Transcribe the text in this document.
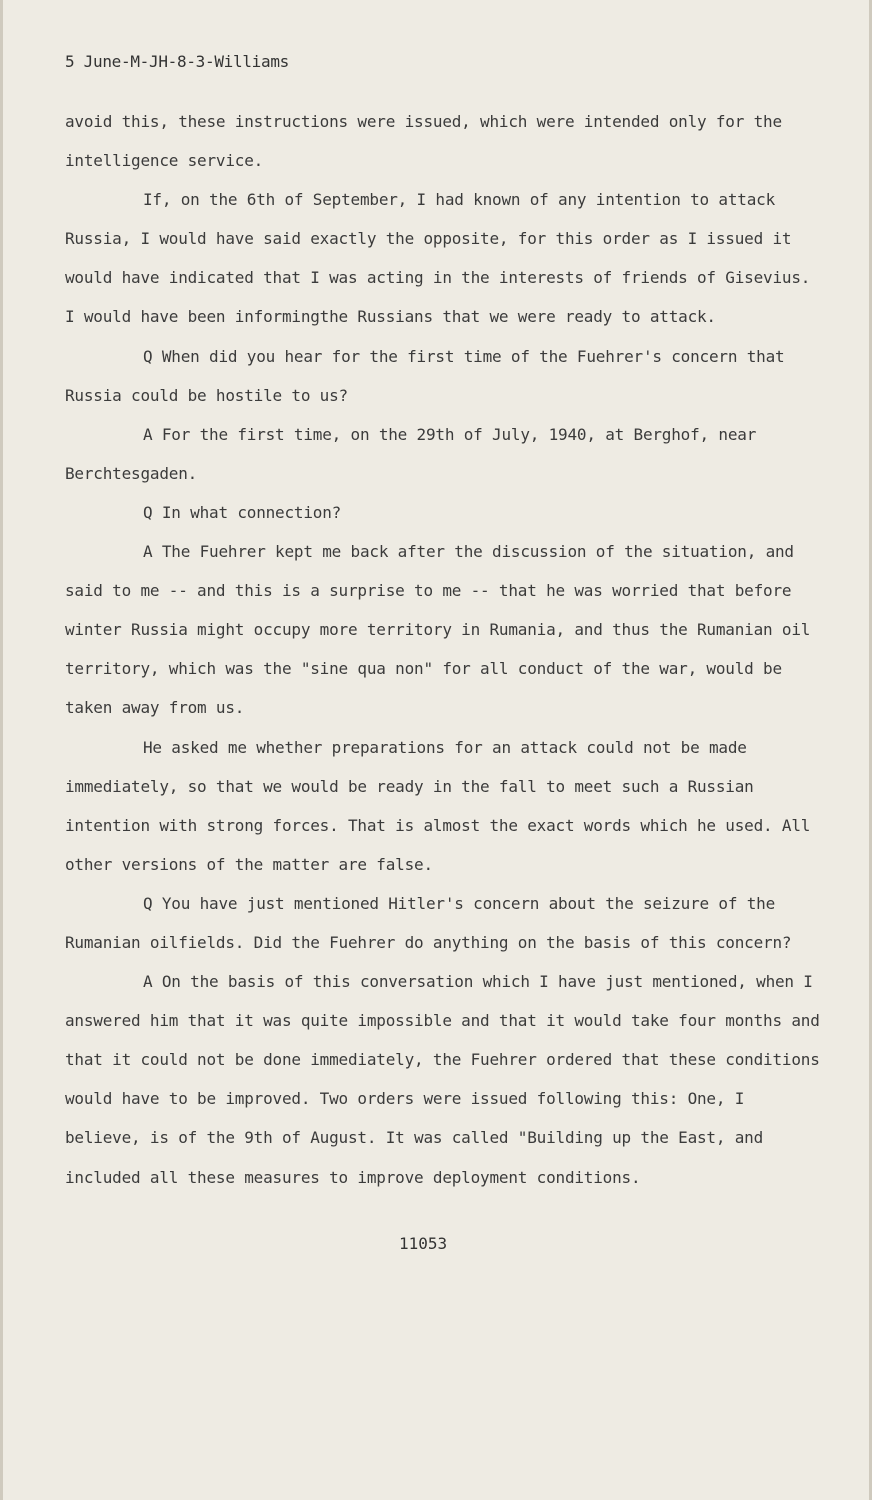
5 June-M-JH-8-3-Williams

avoid this, these instructions were issued, which were intended only for the intelligence service.

If, on the 6th of September, I had known of any intention to attack Russia, I would have said exactly the opposite, for this order as I issued it would have indicated that I was acting in the interests of friends of Gisevius. I would have been informingthe Russians that we were ready to attack.

Q When did you hear for the first time of the Fuehrer's concern that Russia could be hostile to us?

A For the first time, on the 29th of July, 1940, at Berghof, near Berchtesgaden.

Q In what connection?

A The Fuehrer kept me back after the discussion of the situation, and said to me -- and this is a surprise to me -- that he was worried that before winter Russia might occupy more territory in Rumania, and thus the Rumanian oil territory, which was the "sine qua non" for all conduct of the war, would be taken away from us.

He asked me whether preparations for an attack could not be made immediately, so that we would be ready in the fall to meet such a Russian intention with strong forces. That is almost the exact words which he used. All other versions of the matter are false.

Q You have just mentioned Hitler's concern about the seizure of the Rumanian oilfields. Did the Fuehrer do anything on the basis of this concern?

A On the basis of this conversation which I have just mentioned, when I answered him that it was quite impossible and that it would take four months and that it could not be done immediately, the Fuehrer ordered that these conditions would have to be improved. Two orders were issued following this: One, I believe, is of the 9th of August. It was called "Building up the East, and included all these measures to improve deployment conditions.

11053
